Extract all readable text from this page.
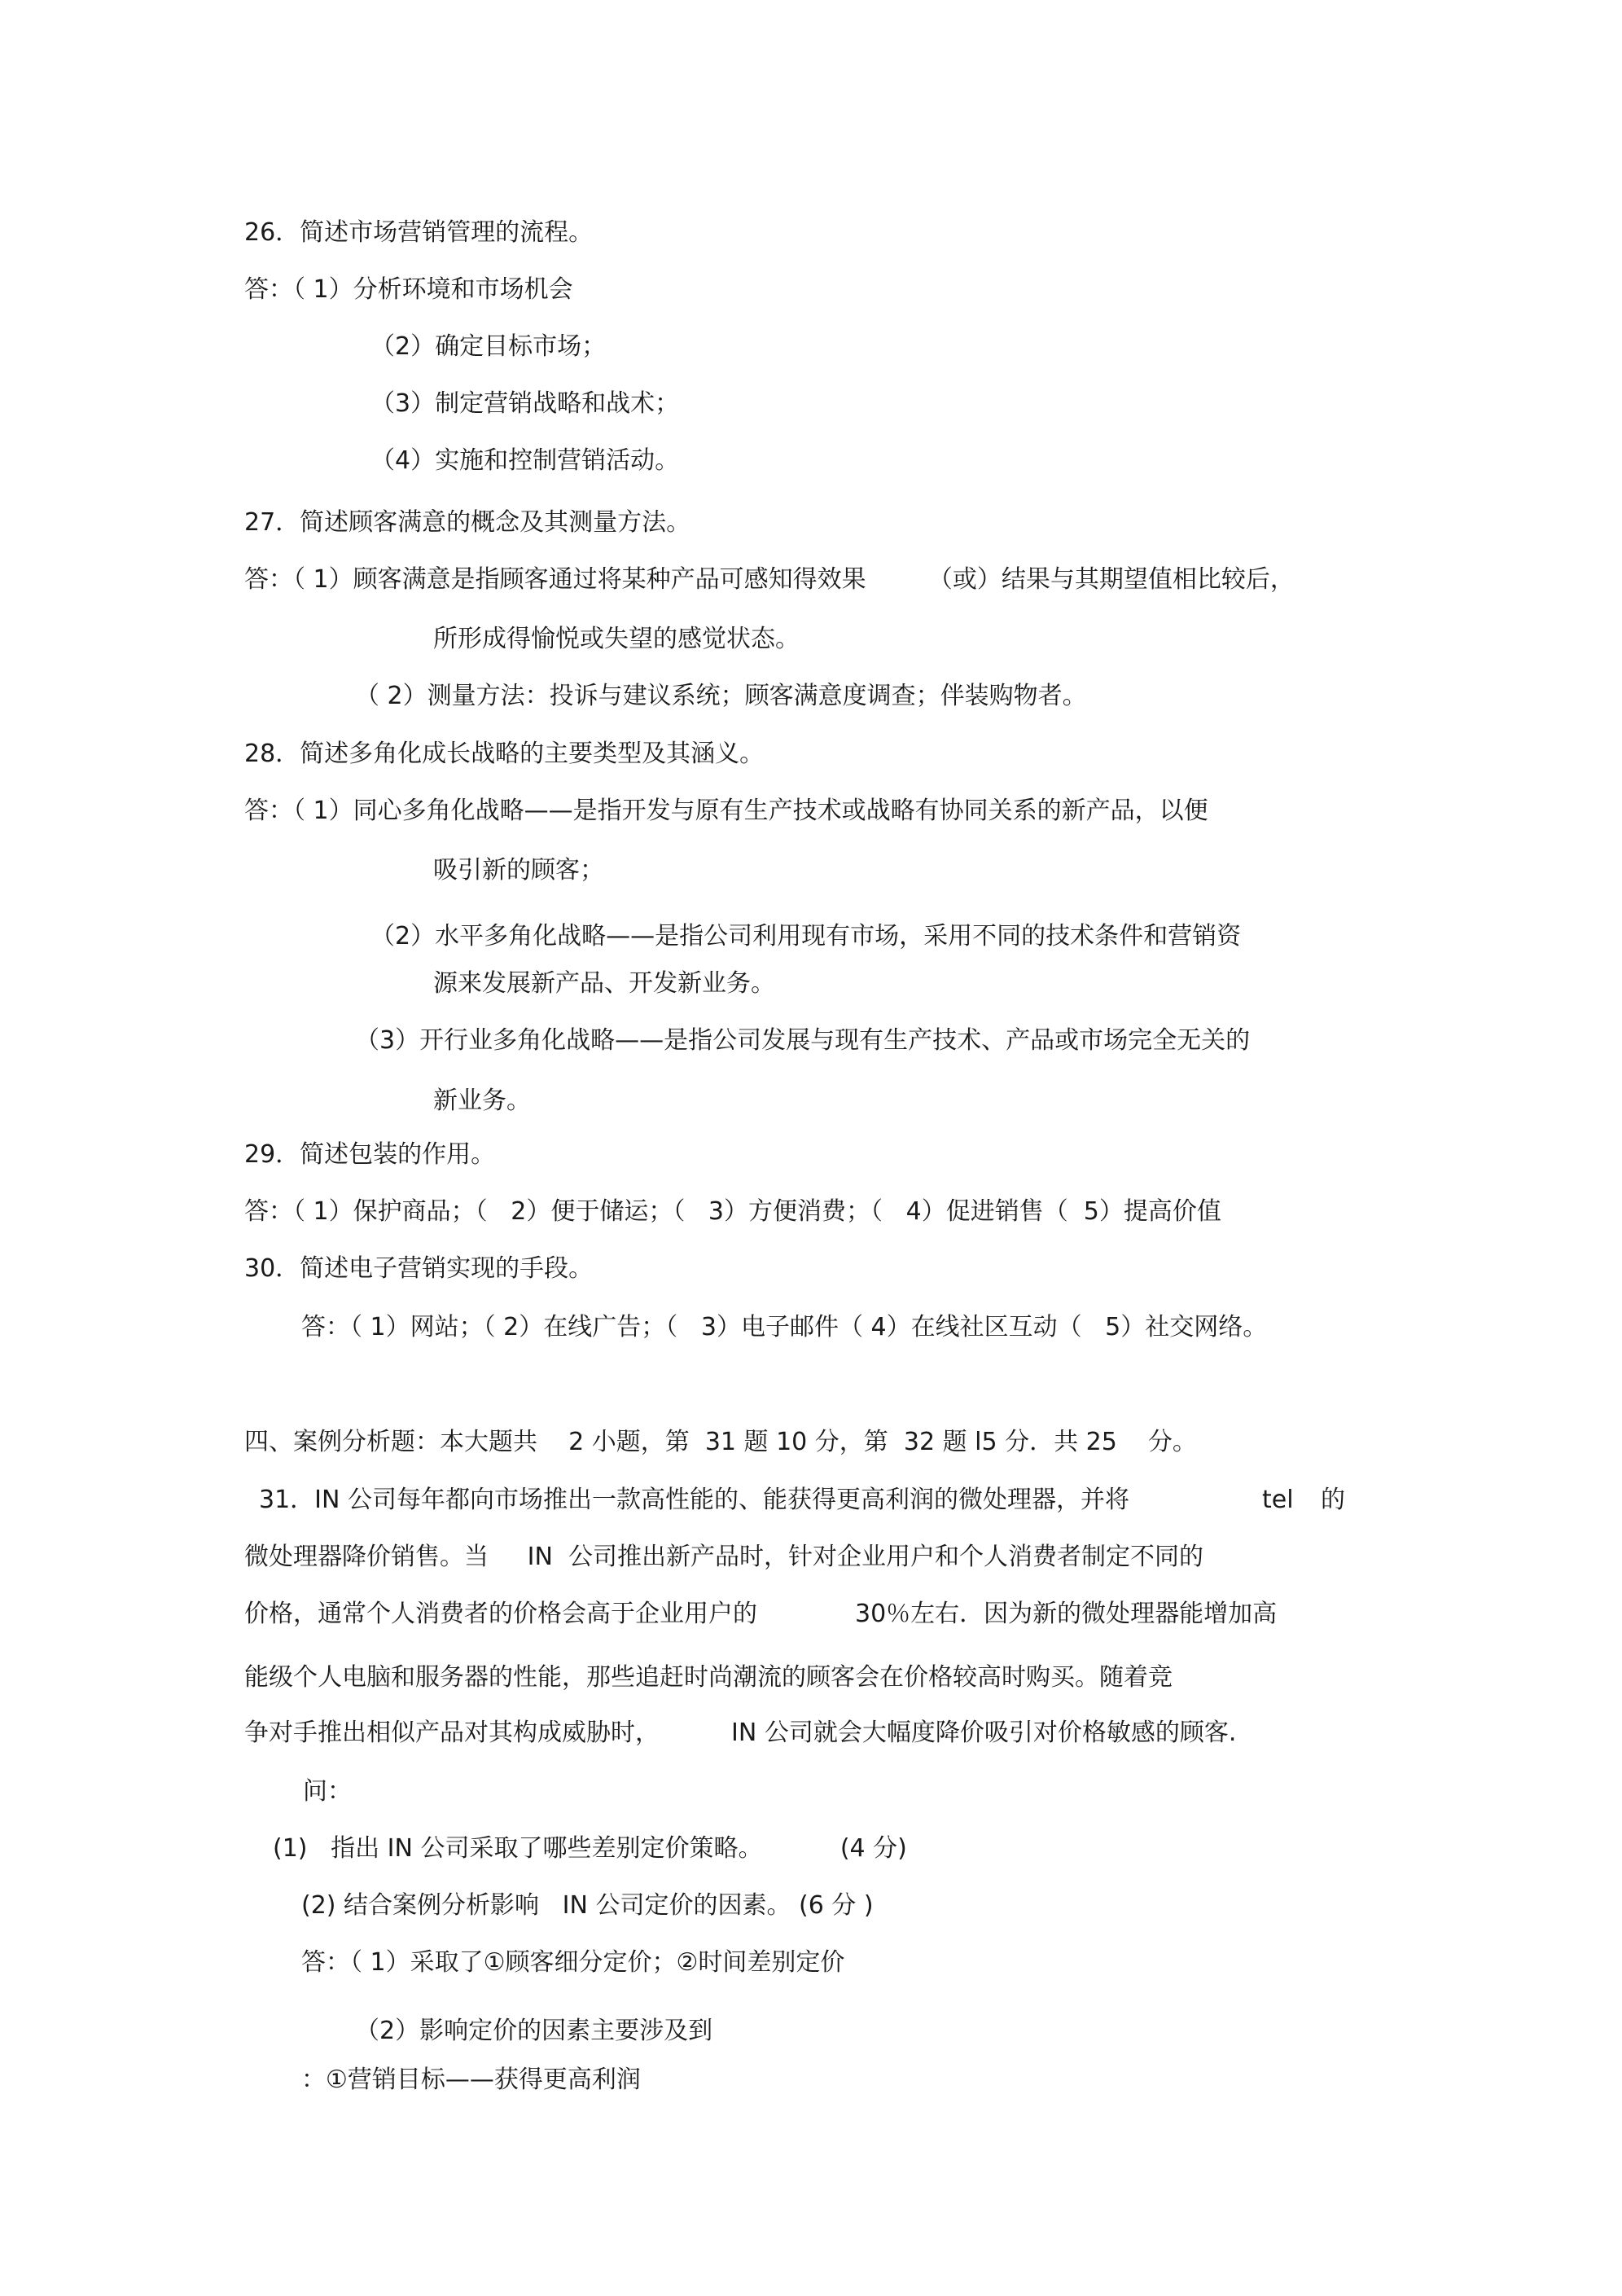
26．简述市场营销管理的流程。
答：（ 1）分析环境和市场机会
（2）确定目标市场；
（3）制定营销战略和战术；
（4）实施和控制营销活动。
27．简述顾客满意的概念及其测量方法。
答：（ 1）顾客满意是指顾客通过将某种产品可感知得效果        （或）结果与其期望值相比较后，
所形成得愉悦或失望的感觉状态。
（ 2）测量方法：投诉与建议系统；顾客满意度调查；伴装购物者。
28．简述多角化成长战略的主要类型及其涵义。
答：（ 1）同心多角化战略——是指开发与原有生产技术或战略有协同关系的新产品，以便
吸引新的顾客；
（2）水平多角化战略——是指公司利用现有市场，采用不同的技术条件和营销资
源来发展新产品、开发新业务。
（3）开行业多角化战略——是指公司发展与现有生产技术、产品或市场完全无关的
新业务。
29．简述包装的作用。
答：（ 1）保护商品；（   2）便于储运；（   3）方便消费；（   4）促进销售（  5）提高价值
30．简述电子营销实现的手段。
答：（ 1）网站；（ 2）在线广告；（   3）电子邮件（ 4）在线社区互动（   5）社交网络。
四、案例分析题：本大题共    2 小题，第  31 题 10 分，第  32 题 l5 分．共 25    分。
31．IN 公司每年都向市场推出一款高性能的、能获得更高利润的微处理器，并将	tel 的
微处理器降价销售。当     IN  公司推出新产品时，针对企业用户和个人消费者制定不同的
价格，通常个人消费者的价格会高于企业用户的	30％左右．因为新的微处理器能增加高
能级个人电脑和服务器的性能，那些追赶时尚潮流的顾客会在价格较高时购买。随着竞
争对手推出相似产品对其构成威胁时，	IN 公司就会大幅度降价吸引对价格敏感的顾客.
问：
(1)   指出 IN 公司采取了哪些差别定价策略。          (4 分)
(2) 结合案例分析影响   IN 公司定价的因素。 (6 分 )
答：（ 1）采取了①顾客细分定价；②时间差别定价
（2）影响定价的因素主要涉及到
：①营销目标——获得更高利润
